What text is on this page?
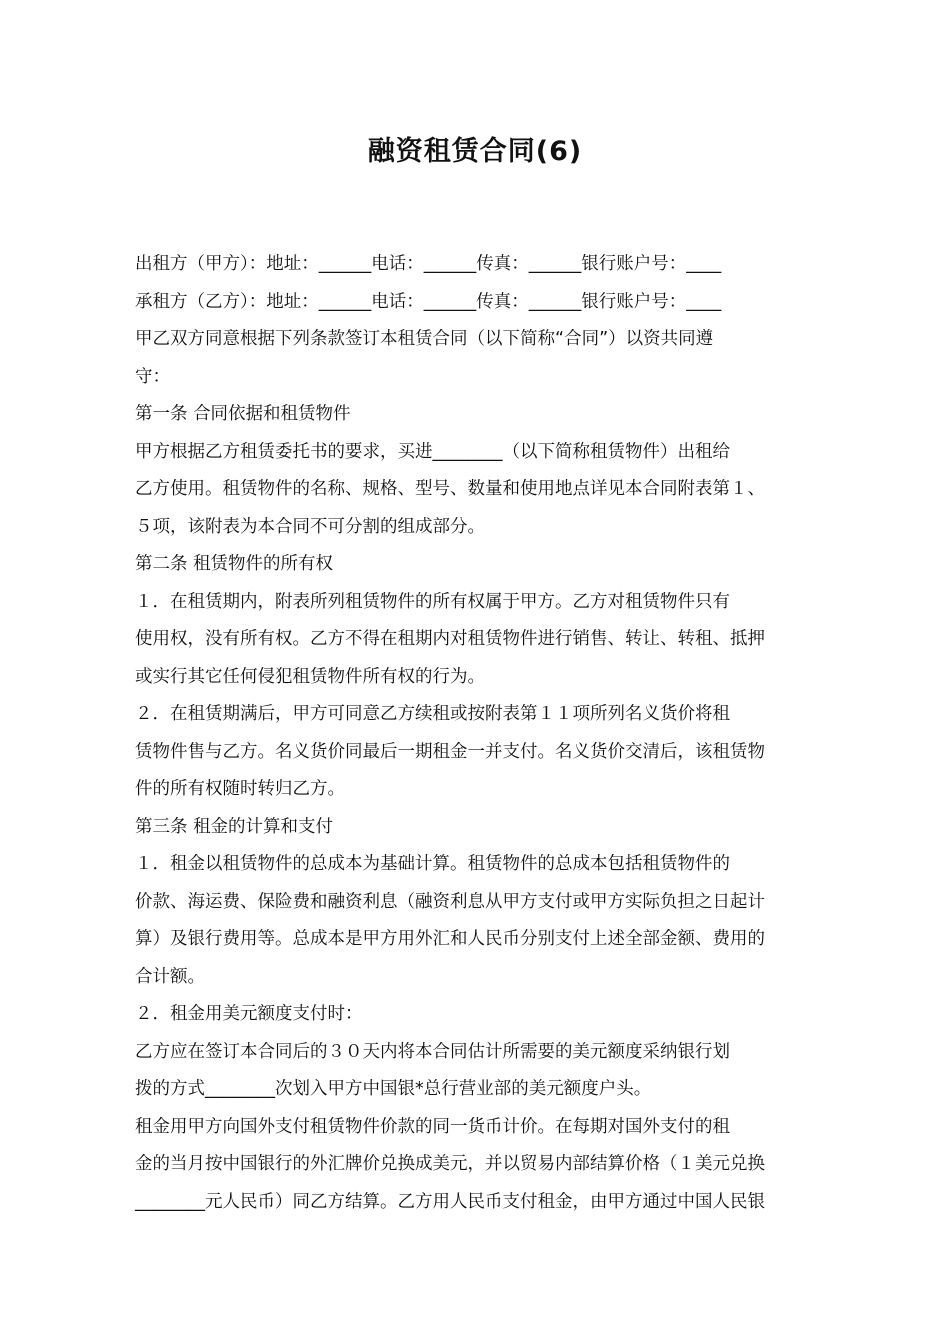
融资租赁合同(6)
出租方（甲方）：地址：______电话：______传真：______银行账户号：____
承租方（乙方）：地址：______电话：______传真：______银行账户号：____
甲乙双方同意根据下列条款签订本租赁合同（以下简称“合同”）以资共同遵
守：
第一条 合同依据和租赁物件
甲方根据乙方租赁委托书的要求，买进________（以下简称租赁物件）出租给
乙方使用。租赁物件的名称、规格、型号、数量和使用地点详见本合同附表第１、
５项，该附表为本合同不可分割的组成部分。
第二条 租赁物件的所有权
１．在租赁期内，附表所列租赁物件的所有权属于甲方。乙方对租赁物件只有
使用权，没有所有权。乙方不得在租期内对租赁物件进行销售、转让、转租、抵押
或实行其它任何侵犯租赁物件所有权的行为。
２．在租赁期满后，甲方可同意乙方续租或按附表第１１项所列名义货价将租
赁物件售与乙方。名义货价同最后一期租金一并支付。名义货价交清后，该租赁物
件的所有权随时转归乙方。
第三条 租金的计算和支付
１．租金以租赁物件的总成本为基础计算。租赁物件的总成本包括租赁物件的
价款、海运费、保险费和融资利息（融资利息从甲方支付或甲方实际负担之日起计
算）及银行费用等。总成本是甲方用外汇和人民币分别支付上述全部金额、费用的
合计额。
２．租金用美元额度支付时：
乙方应在签订本合同后的３０天内将本合同估计所需要的美元额度采纳银行划
拨的方式________次划入甲方中国银*总行营业部的美元额度户头。
租金用甲方向国外支付租赁物件价款的同一货币计价。在每期对国外支付的租
金的当月按中国银行的外汇牌价兑换成美元，并以贸易内部结算价格（１美元兑换
________元人民币）同乙方结算。乙方用人民币支付租金，由甲方通过中国人民银
